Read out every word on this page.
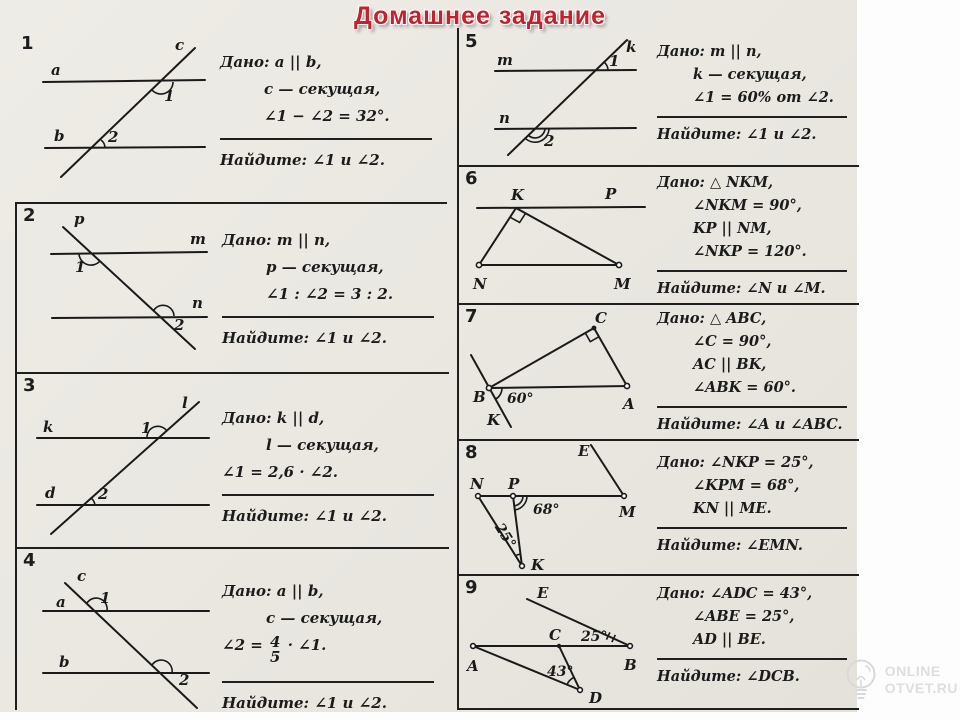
Домашнее задание
1
a
b
c
1
2
Дано: a || b,
c — секущая,
∠1 − ∠2 = 32°.
Найдите: ∠1 и ∠2.
2
m
n
p
1
2
Дано: m || n,
p — секущая,
∠1 : ∠2 = 3 : 2.
Найдите: ∠1 и ∠2.
3
k
d
l
1
2
Дано: k || d,
l — секущая,
∠1 = 2,6 · ∠2.
Найдите: ∠1 и ∠2.
4
a
b
c
1
2
Дано: a || b,
c — секущая,
∠2 = 4
5
· ∠1.
Найдите: ∠1 и ∠2.
5
m
n
k
1
2
Дано: m || n,
k — секущая,
∠1 = 60% от ∠2.
Найдите: ∠1 и ∠2.
6
K	P
N	M
Дано: △ NKM,
∠NKM = 90°,
KP || NM,
∠NKP = 120°.
Найдите: ∠N и ∠M.
7
B	A
C
K
60°
Дано: △ ABC,
∠C = 90°,
AC || BK,
∠ABK = 60°.
Найдите: ∠A и ∠ABC.
8
N P
M
E
K
68°
25°
Дано: ∠NKP = 25°,
∠KPM = 68°,
KN || ME.
Найдите: ∠EMN.
9
A	B
C
D
E
25°
43°
Дано: ∠ADC = 43°,
∠ABE = 25°,
AD || BE.
Найдите: ∠DCB.	ONLINE
OTVET.RU
